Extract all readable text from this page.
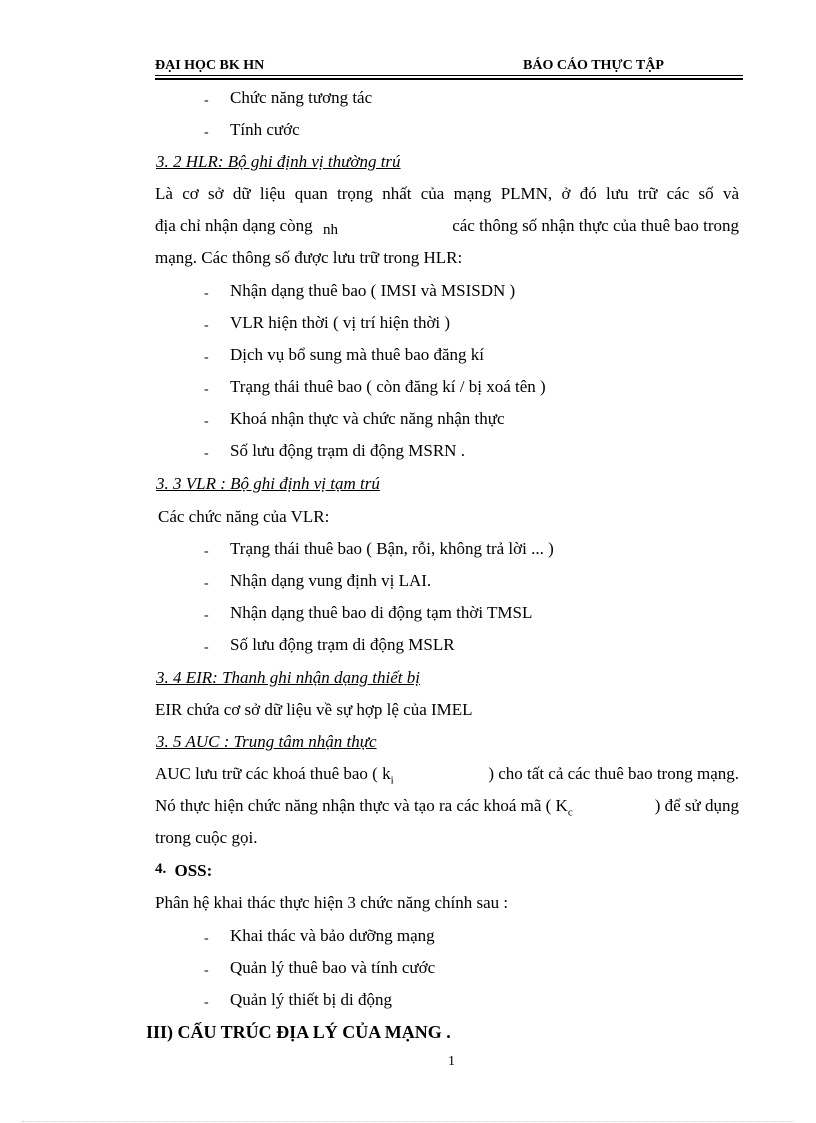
ĐẠI HỌC BK HN	BÁO CÁO THỰC TẬP
- Chức năng tương tác
- Tính cước
3. 2 HLR: Bộ ghi định vị thường trú
Là cơ sở dữ liệu quan trọng nhất của mạng PLMN, ở đó lưu trữ các số và
địa chỉ nhận dạng còng nh	các thông số nhận thực của thuê bao trong
mạng. Các thông số được lưu trữ trong HLR:
- Nhận dạng thuê bao ( IMSI và MSISDN )
- VLR hiện thời ( vị trí hiện thời )
- Dịch vụ bổ sung mà thuê bao đăng kí
- Trạng thái thuê bao ( còn đăng kí / bị xoá tên )
- Khoá nhận thực và chức năng nhận thực
- Số lưu động trạm di động MSRN .
3. 3 VLR : Bộ ghi định vị tạm trú
Các chức năng của VLR:
- Trạng thái thuê bao ( Bận, rỗi, không trả lời ... )
- Nhận dạng vung định vị LAI.
- Nhận dạng thuê bao di động tạm thời TMSL
- Số lưu động trạm di động MSLR
3. 4 EIR: Thanh ghi nhận dạng thiết bị
EIR chứa cơ sở dữ liệu về sự hợp lệ của IMEL
3. 5 AUC : Trung tâm nhận thực
AUC lưu trữ các khoá thuê bao ( $k_i$	) cho tất cả các thuê bao trong mạng.
Nó thực hiện chức năng nhận thực và tạo ra các khoá mã ( $K_c$	) để sử dụng
trong cuộc gọi.
4. OSS:
Phân hệ khai thác thực hiện 3 chức năng chính sau :
- Khai thác và bảo dưỡng mạng
- Quản lý thuê bao và tính cước
- Quản lý thiết bị di động
III) CẤU TRÚC ĐỊA LÝ CỦA MẠNG .
1
